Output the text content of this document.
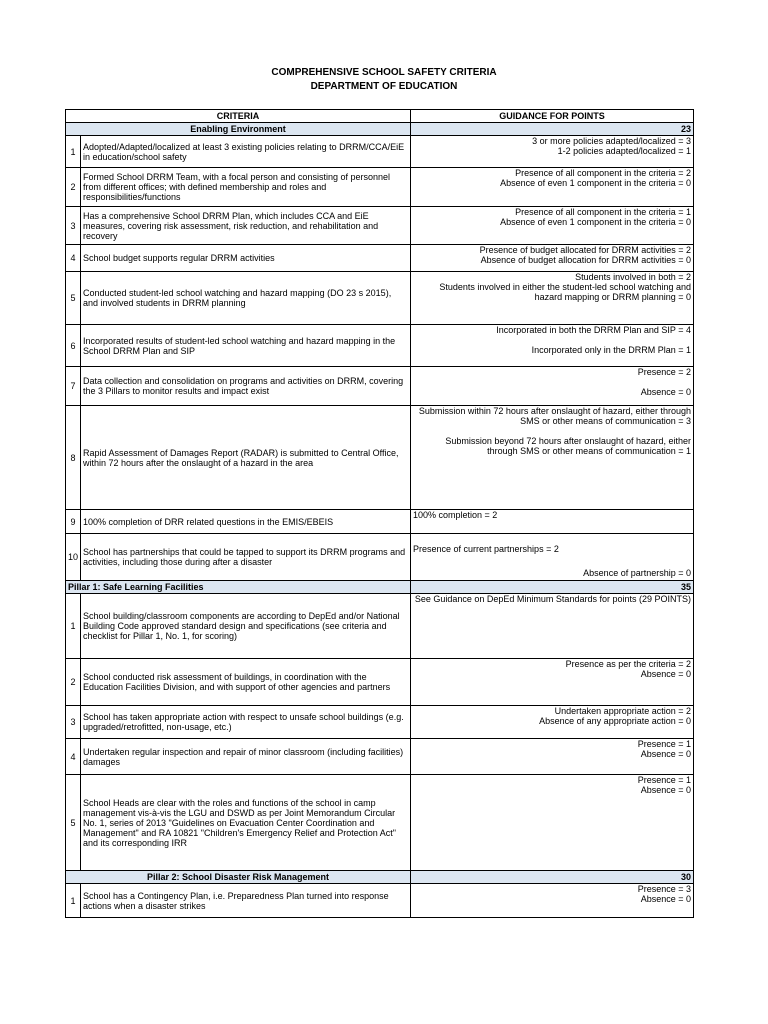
COMPREHENSIVE SCHOOL SAFETY CRITERIA
DEPARTMENT OF EDUCATION
CRITERIA		GUIDANCE FOR POINTS
Enabling Environment		23
1	Adopted/Adapted/localized at least 3 existing policies relating to DRRM/CCA/EiE in education/school safety	3 or more policies adapted/localized = 3
1-2 policies adapted/localized = 1
2	Formed School DRRM Team, with a focal person and consisting of personnel from different offices; with defined membership and roles and responsibilities/functions	Presence of all component in the criteria = 2
Absence of even 1 component in the criteria = 0
3	Has a comprehensive School DRRM Plan, which includes CCA and EiE measures, covering risk assessment, risk reduction, and rehabilitation and recovery	Presence of all component in the criteria = 1
Absence of even 1 component in the criteria = 0
4	School budget supports regular DRRM activities	Presence of budget allocated for DRRM activities = 2
Absence of budget allocation for DRRM activities = 0
5	Conducted student-led school watching and hazard mapping (DO 23 s 2015), and involved students in DRRM planning	Students involved in both = 2
Students involved in either the student-led school watching and hazard mapping or DRRM planning = 0
6	Incorporated results of student-led school watching and hazard mapping in the School DRRM Plan and SIP	Incorporated in both the DRRM Plan and SIP = 4

Incorporated only in the DRRM Plan = 1
7	Data collection and consolidation on programs and activities on DRRM, covering the 3 Pillars to monitor results and impact exist	Presence = 2

Absence = 0
8	Rapid Assessment of Damages Report (RADAR) is submitted to Central Office, within 72 hours after the onslaught of a hazard in the area	Submission within 72 hours after onslaught of hazard, either through SMS or other means of communication = 3

Submission beyond 72 hours after onslaught of hazard, either through SMS or other means of communication = 1
9	100% completion of DRR related questions in the EMIS/EBEIS	100% completion = 2
10	School has partnerships that could be tapped to support its DRRM programs and activities, including those during after a disaster	Presence of current partnerships = 2

Absence of partnership = 0

Pillar 1: Safe Learning Facilities		35
1	School building/classroom components are according to DepEd and/or National Building Code approved standard design and specifications (see criteria and checklist for Pillar 1, No. 1, for scoring)	See Guidance on DepEd Minimum Standards for points (29 POINTS)
2	School conducted risk assessment of buildings, in coordination with the Education Facilities Division, and with support of other agencies and partners	Presence as per the criteria = 2
Absence = 0
3	School has taken appropriate action with respect to unsafe school buildings (e.g. upgraded/retrofitted, non-usage, etc.)	Undertaken appropriate action = 2
Absence of any appropriate action = 0
4	Undertaken regular inspection and repair of minor classroom (including facilities) damages	Presence = 1
Absence = 0
5	School Heads are clear with the roles and functions of the school in camp management vis-à-vis the LGU and DSWD as per Joint Memorandum Circular No. 1, series of 2013 "Guidelines on Evacuation Center Coordination and Management" and RA 10821 "Children's Emergency Relief and Protection Act" and its corresponding IRR	Presence = 1
Absence = 0
Pillar 2: School Disaster Risk Management		30
1	School has a Contingency Plan, i.e. Preparedness Plan turned into response actions when a disaster strikes	Presence = 3
Absence = 0
